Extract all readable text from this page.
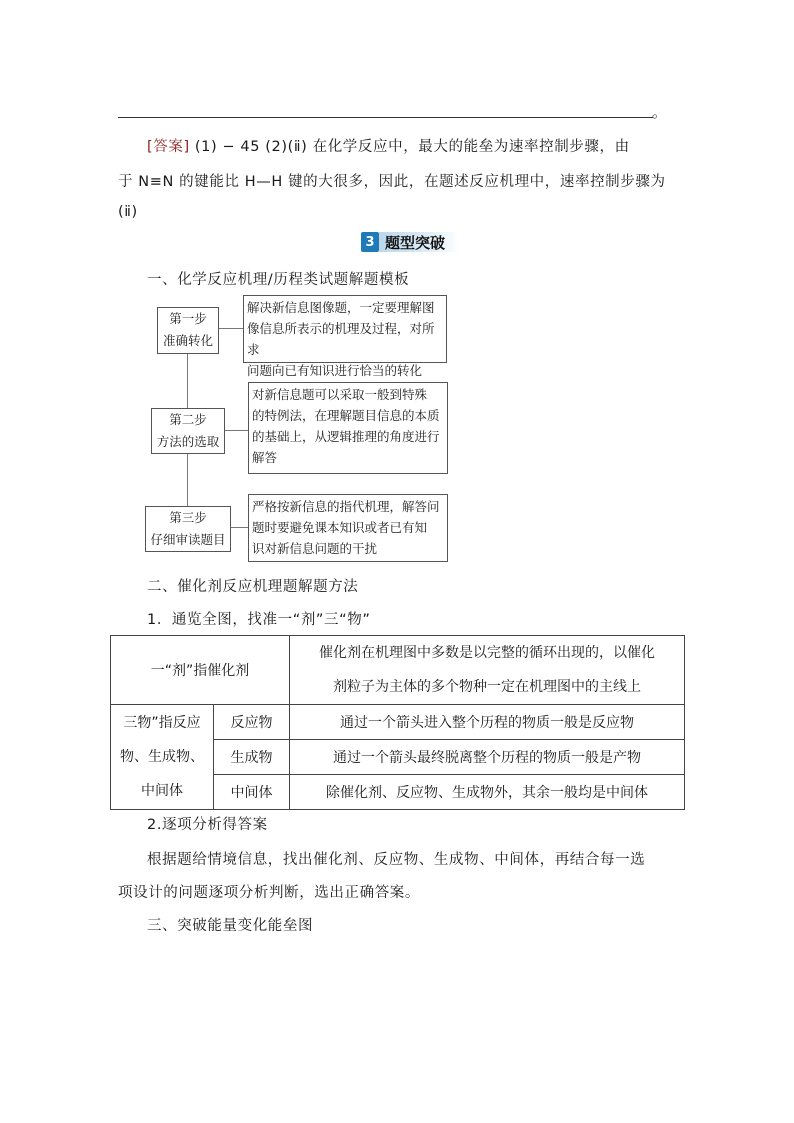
。
[答案] (1) − 45 (2)(ⅱ) 在化学反应中，最大的能垒为速率控制步骤，由
于 N≡N 的键能比 H—H 键的大很多，因此，在题述反应机理中，速率控制步骤为
(ⅱ)
3 题型突破
一、化学反应机理/历程类试题解题模板
第一步
准确转化
解决新信息图像题，一定要理解图
像信息所表示的机理及过程，对所求
问题向已有知识进行恰当的转化
第二步
方法的选取
对新信息题可以采取一般到特殊
的特例法，在理解题目信息的本质
的基础上，从逻辑推理的角度进行
解答
第三步
仔细审读题目
严格按新信息的指代机理，解答问
题时要避免课本知识或者已有知
识对新信息问题的干扰
二、催化剂反应机理题解题方法
1．通览全图，找准一“剂”三“物”
一“剂”指催化剂		催化剂在机理图中多数是以完整的循环出现的，以催化
剂粒子为主体的多个物种一定在机理图中的主线上

三物”指反应
物、生成物、
中间体	反应物	通过一个箭头进入整个历程的物质一般是反应物
	生成物	通过一个箭头最终脱离整个历程的物质一般是产物
	中间体	除催化剂、反应物、生成物外，其余一般均是中间体
2.逐项分析得答案
根据题给情境信息，找出催化剂、反应物、生成物、中间体，再结合每一选
项设计的问题逐项分析判断，选出正确答案。
三、突破能量变化能垒图
